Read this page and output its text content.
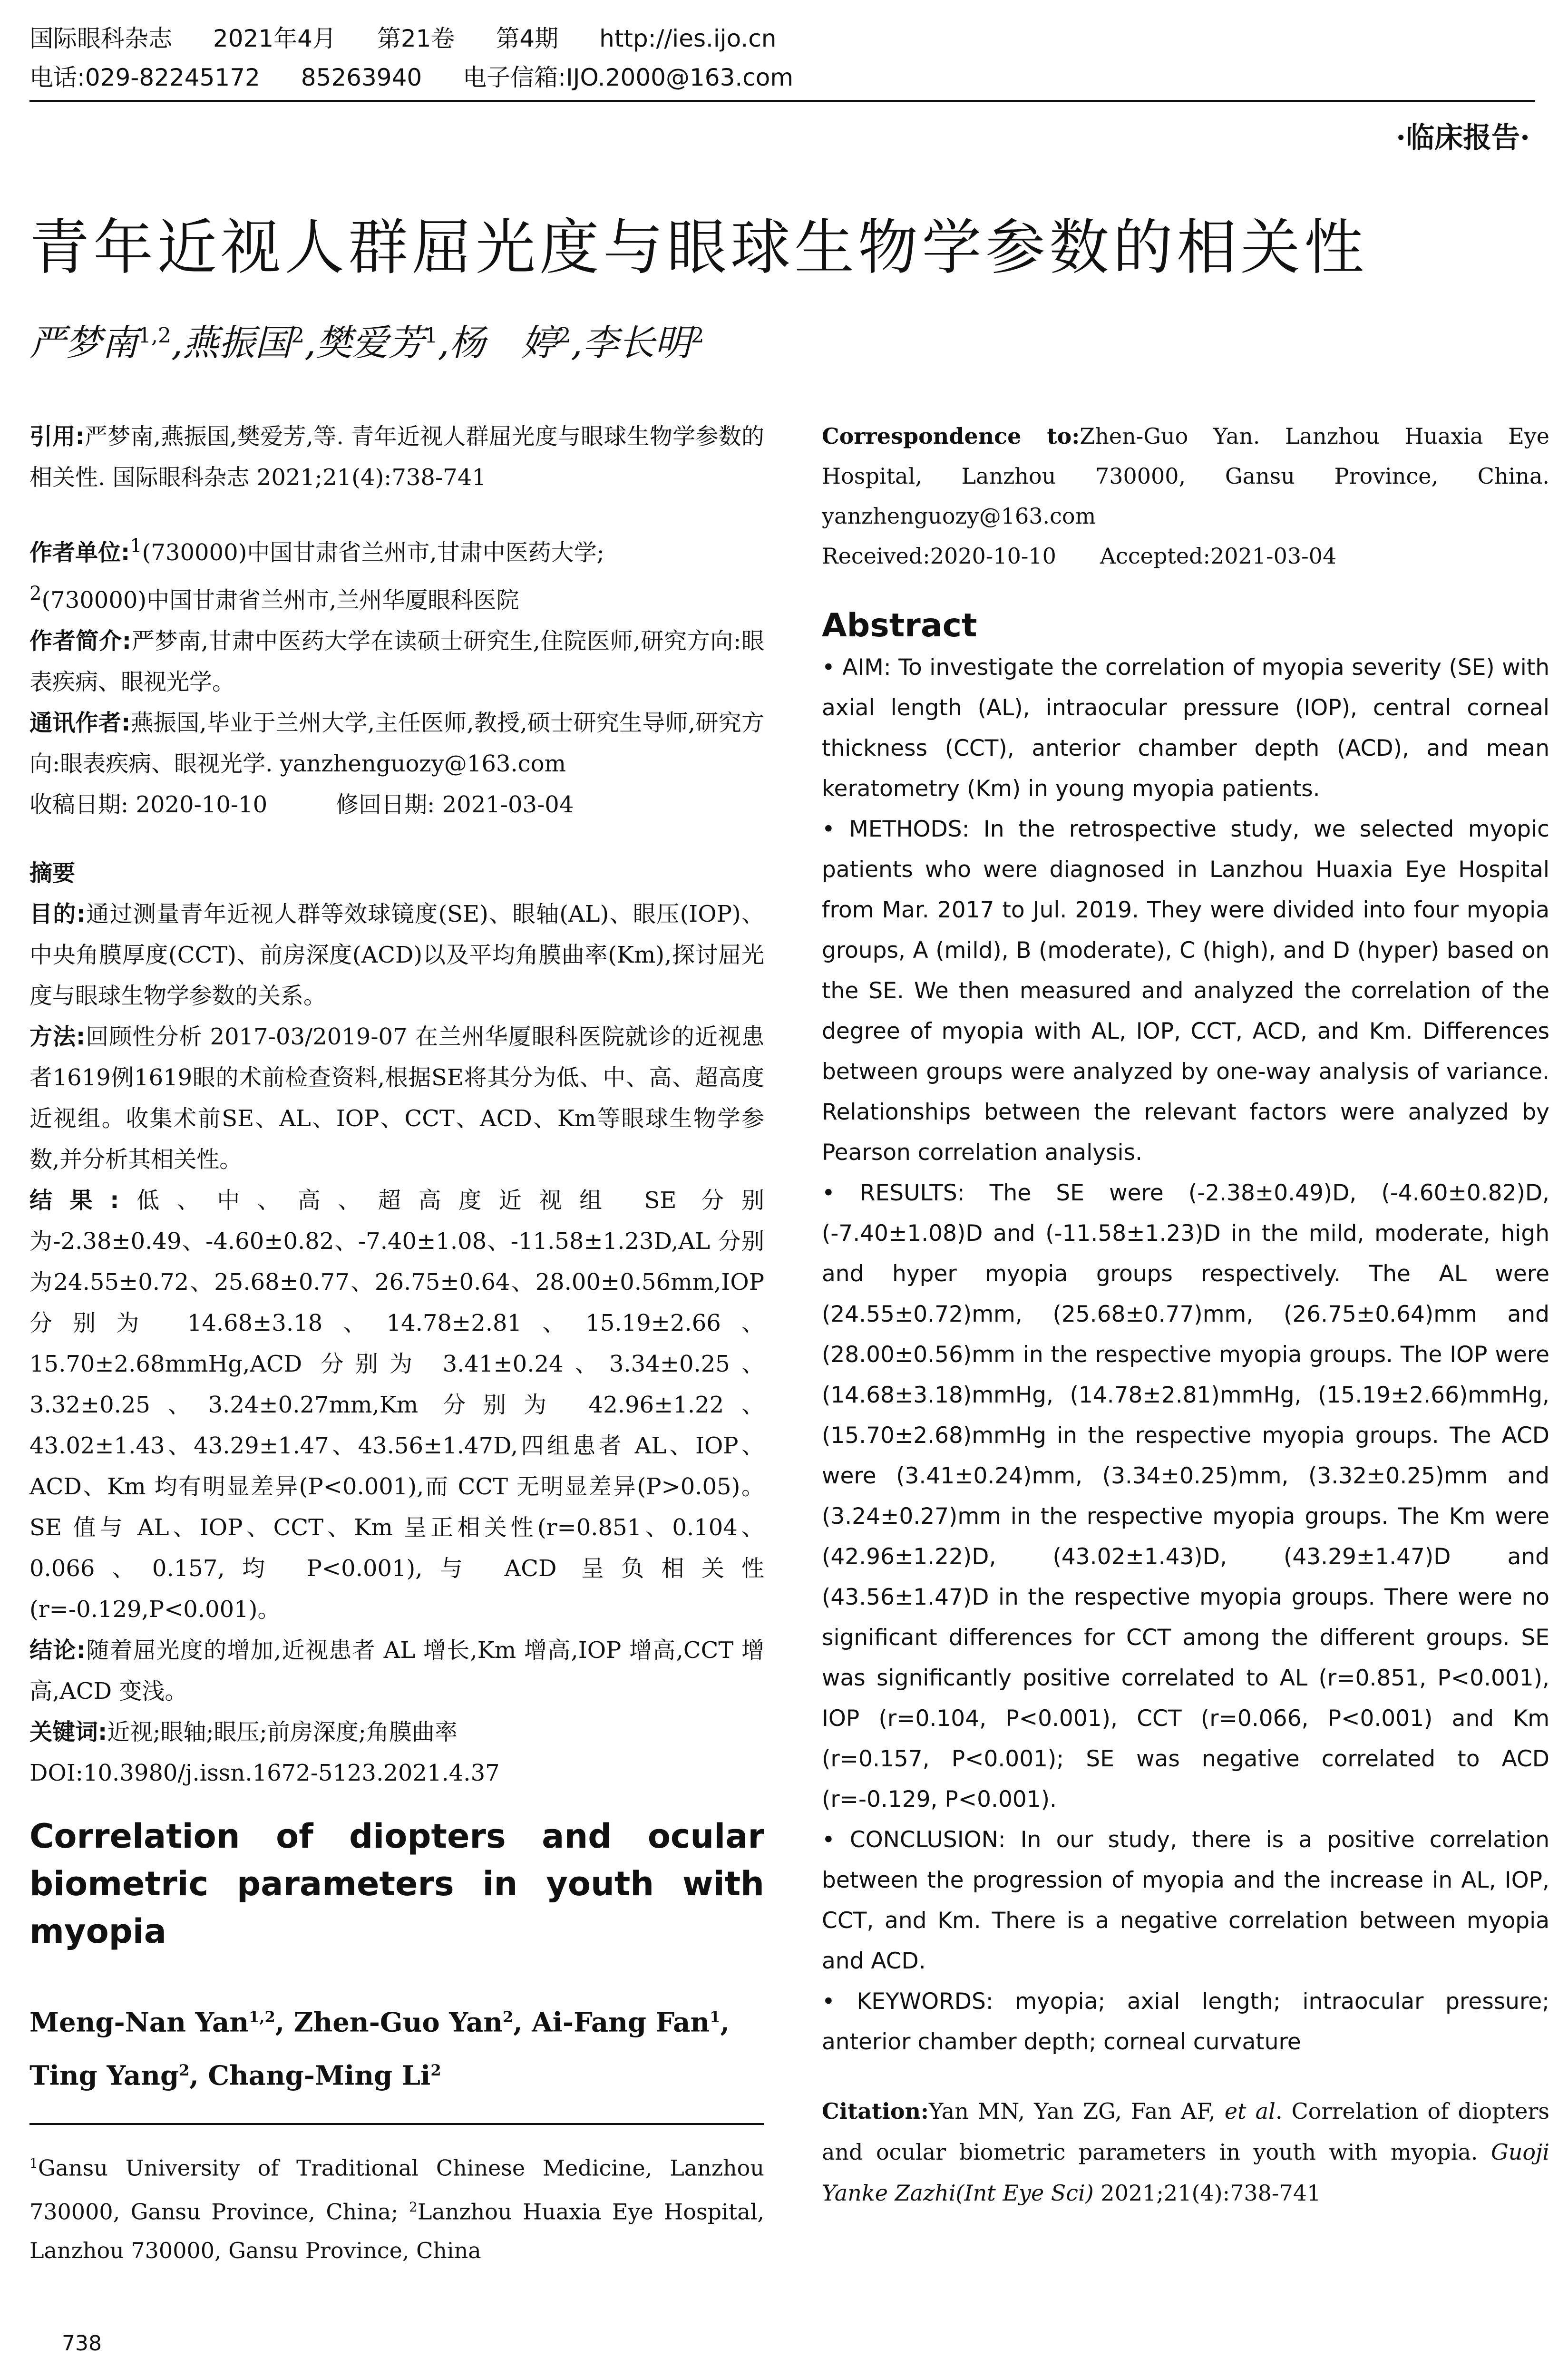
国际眼科杂志 2021年4月 第21卷 第4期 http://ies.ijo.cn
电话:029-82245172 85263940 电子信箱:IJO.2000@163.com
·临床报告·
青年近视人群屈光度与眼球生物学参数的相关性
严梦南$^{1,2}$,燕振国$^2$,樊爱芳$^1$,杨　婷$^2$,李长明$^2$

引用:严梦南,燕振国,樊爱芳,等. 青年近视人群屈光度与眼球生物学参数的相关性. 国际眼科杂志 2021;21(4):738-741

作者单位:$^1$(730000)中国甘肃省兰州市,甘肃中医药大学;
$^2$(730000)中国甘肃省兰州市,兰州华厦眼科医院

作者简介:严梦南,甘肃中医药大学在读硕士研究生,住院医师,研究方向:眼表疾病、眼视光学。

通讯作者:燕振国,毕业于兰州大学,主任医师,教授,硕士研究生导师,研究方向:眼表疾病、眼视光学. yanzhenguozy@163.com

收稿日期: 2020-10-10　　　修回日期: 2021-03-04

摘要

目的:通过测量青年近视人群等效球镜度(SE)、眼轴(AL)、眼压(IOP)、中央角膜厚度(CCT)、前房深度(ACD)以及平均角膜曲率(Km),探讨屈光度与眼球生物学参数的关系。

方法:回顾性分析 2017-03/2019-07 在兰州华厦眼科医院就诊的近视患者1619例1619眼的术前检查资料,根据SE将其分为低、中、高、超高度近视组。收集术前SE、AL、IOP、CCT、ACD、Km等眼球生物学参数,并分析其相关性。

结果:低、中、高、超高度近视组 SE 分别为-2.38±0.49、-4.60±0.82、-7.40±1.08、-11.58±1.23D,AL 分别为24.55±0.72、25.68±0.77、26.75±0.64、28.00±0.56mm,IOP 分别为 14.68±3.18、14.78±2.81、15.19±2.66、15.70±2.68mmHg,ACD 分别为 3.41±0.24、3.34±0.25、3.32±0.25、3.24±0.27mm,Km 分别为 42.96±1.22、43.02±1.43、43.29±1.47、43.56±1.47D,四组患者 AL、IOP、ACD、Km 均有明显差异(P<0.001),而 CCT 无明显差异(P>0.05)。SE 值与 AL、IOP、CCT、Km 呈正相关性(r=0.851、0.104、0.066、0.157,均 P<0.001),与 ACD 呈负相关性(r=-0.129,P<0.001)。

结论:随着屈光度的增加,近视患者 AL 增长,Km 增高,IOP 增高,CCT 增高,ACD 变浅。

关键词:近视;眼轴;眼压;前房深度;角膜曲率

DOI:10.3980/j.issn.1672-5123.2021.4.37

Correlation of diopters and ocular biometric parameters in youth with myopia
Meng-Nan Yan$^{1,2}$, Zhen-Guo Yan$^2$, Ai-Fang Fan$^1$, Ting Yang$^2$, Chang-Ming Li$^2$
$^1$Gansu University of Traditional Chinese Medicine, Lanzhou 730000, Gansu Province, China; $^2$Lanzhou Huaxia Eye Hospital, Lanzhou 730000, Gansu Province, China
Correspondence to:Zhen-Guo Yan. Lanzhou Huaxia Eye Hospital, Lanzhou 730000, Gansu Province, China. yanzhenguozy@163.com
Received:2020-10-10　　Accepted:2021-03-04
Abstract

• AIM: To investigate the correlation of myopia severity (SE) with axial length (AL), intraocular pressure (IOP), central corneal thickness (CCT), anterior chamber depth (ACD), and mean keratometry (Km) in young myopia patients.

• METHODS: In the retrospective study, we selected myopic patients who were diagnosed in Lanzhou Huaxia Eye Hospital from Mar. 2017 to Jul. 2019. They were divided into four myopia groups, A (mild), B (moderate), C (high), and D (hyper) based on the SE. We then measured and analyzed the correlation of the degree of myopia with AL, IOP, CCT, ACD, and Km. Differences between groups were analyzed by one-way analysis of variance. Relationships between the relevant factors were analyzed by Pearson correlation analysis.

• RESULTS: The SE were (-2.38±0.49)D, (-4.60±0.82)D, (-7.40±1.08)D and (-11.58±1.23)D in the mild, moderate, high and hyper myopia groups respectively. The AL were (24.55±0.72)mm, (25.68±0.77)mm, (26.75±0.64)mm and (28.00±0.56)mm in the respective myopia groups. The IOP were (14.68±3.18)mmHg, (14.78±2.81)mmHg, (15.19±2.66)mmHg, (15.70±2.68)mmHg in the respective myopia groups. The ACD were (3.41±0.24)mm, (3.34±0.25)mm, (3.32±0.25)mm and (3.24±0.27)mm in the respective myopia groups. The Km were (42.96±1.22)D, (43.02±1.43)D, (43.29±1.47)D and (43.56±1.47)D in the respective myopia groups. There were no significant differences for CCT among the different groups. SE was significantly positive correlated to AL (r=0.851, P<0.001), IOP (r=0.104, P<0.001), CCT (r=0.066, P<0.001) and Km (r=0.157, P<0.001); SE was negative correlated to ACD (r=-0.129, P<0.001).

• CONCLUSION: In our study, there is a positive correlation between the progression of myopia and the increase in AL, IOP, CCT, and Km. There is a negative correlation between myopia and ACD.

• KEYWORDS: myopia; axial length; intraocular pressure; anterior chamber depth; corneal curvature

Citation:Yan MN, Yan ZG, Fan AF, et al. Correlation of diopters and ocular biometric parameters in youth with myopia. Guoji Yanke Zazhi(Int Eye Sci) 2021;21(4):738-741
738
